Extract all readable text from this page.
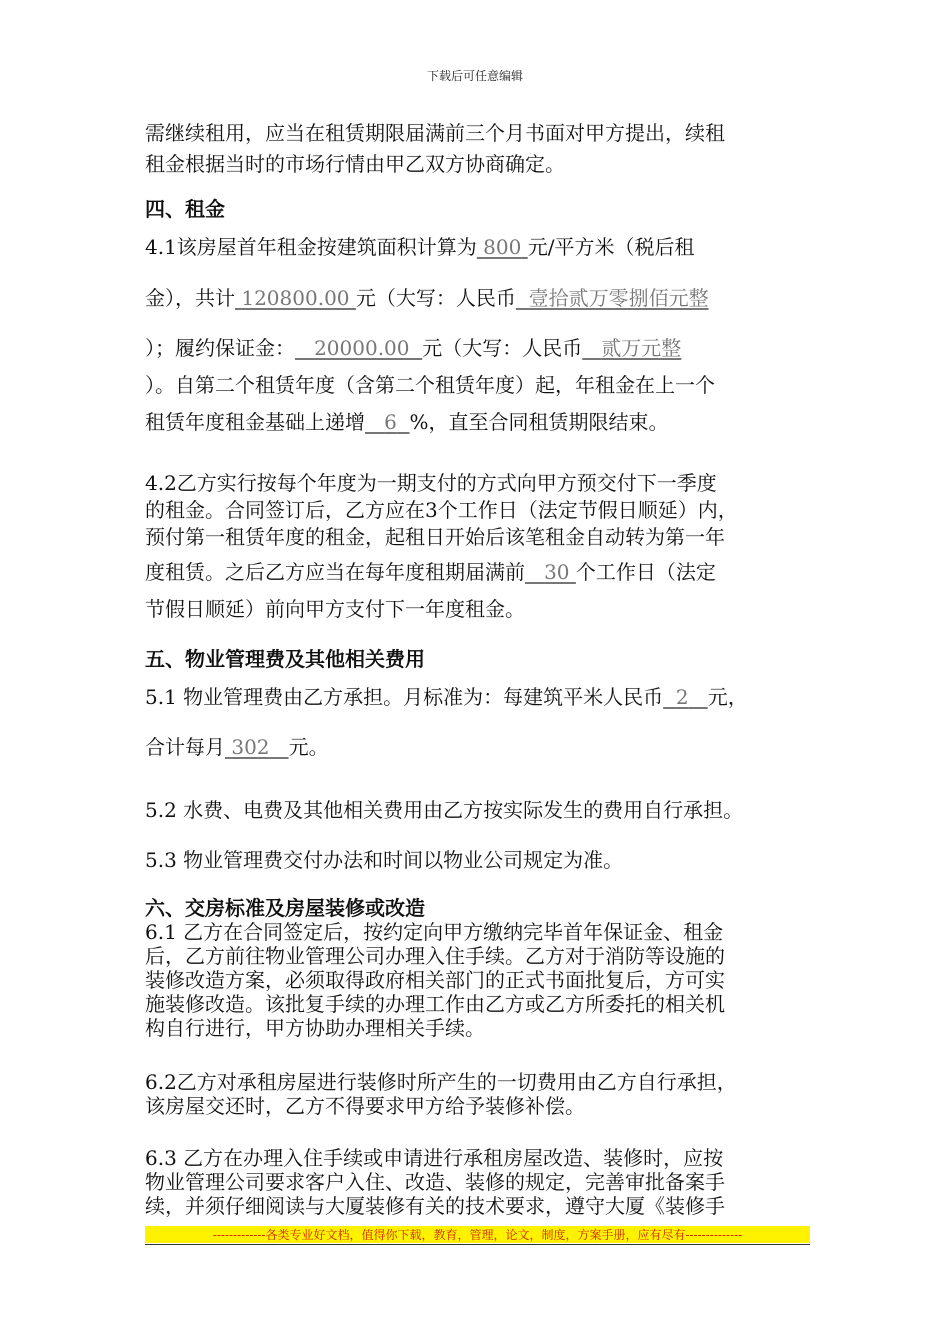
下载后可任意编辑
需继续租用，应当在租赁期限届满前三个月书面对甲方提出，续租
租金根据当时的市场行情由甲乙双方协商确定。
四、租金
4.1该房屋首年租金按建筑面积计算为 800 元/平方米（税后租
金），共计 120800.00 元（大写：人民币 壹拾贰万零捌佰元整
）；履约保证金： 20000.00 元（大写：人民币 贰万元整
）。自第二个租赁年度（含第二个租赁年度）起，年租金在上一个
租赁年度租金基础上递增 6 %，直至合同租赁期限结束。
4.2乙方实行按每个年度为一期支付的方式向甲方预交付下一季度
的租金。合同签订后，乙方应在3个工作日（法定节假日顺延）内，
预付第一租赁年度的租金，起租日开始后该笔租金自动转为第一年
度租赁。之后乙方应当在每年度租期届满前 30 个工作日（法定
节假日顺延）前向甲方支付下一年度租金。
五、物业管理费及其他相关费用
5.1 物业管理费由乙方承担。月标准为：每建筑平米人民币 2 元，
合计每月 302 元。
5.2 水费、电费及其他相关费用由乙方按实际发生的费用自行承担。
5.3 物业管理费交付办法和时间以物业公司规定为准。
六、交房标准及房屋装修或改造
6.1 乙方在合同签定后，按约定向甲方缴纳完毕首年保证金、租金
后，乙方前往物业管理公司办理入住手续。乙方对于消防等设施的
装修改造方案，必须取得政府相关部门的正式书面批复后，方可实
施装修改造。该批复手续的办理工作由乙方或乙方所委托的相关机
构自行进行，甲方协助办理相关手续。
6.2乙方对承租房屋进行装修时所产生的一切费用由乙方自行承担，
该房屋交还时，乙方不得要求甲方给予装修补偿。
6.3 乙方在办理入住手续或申请进行承租房屋改造、装修时，应按
物业管理公司要求客户入住、改造、装修的规定，完善审批备案手
续，并须仔细阅读与大厦装修有关的技术要求，遵守大厦《装修手
-------------各类专业好文档，值得你下载，教育，管理，论文，制度，方案手册，应有尽有--------------
